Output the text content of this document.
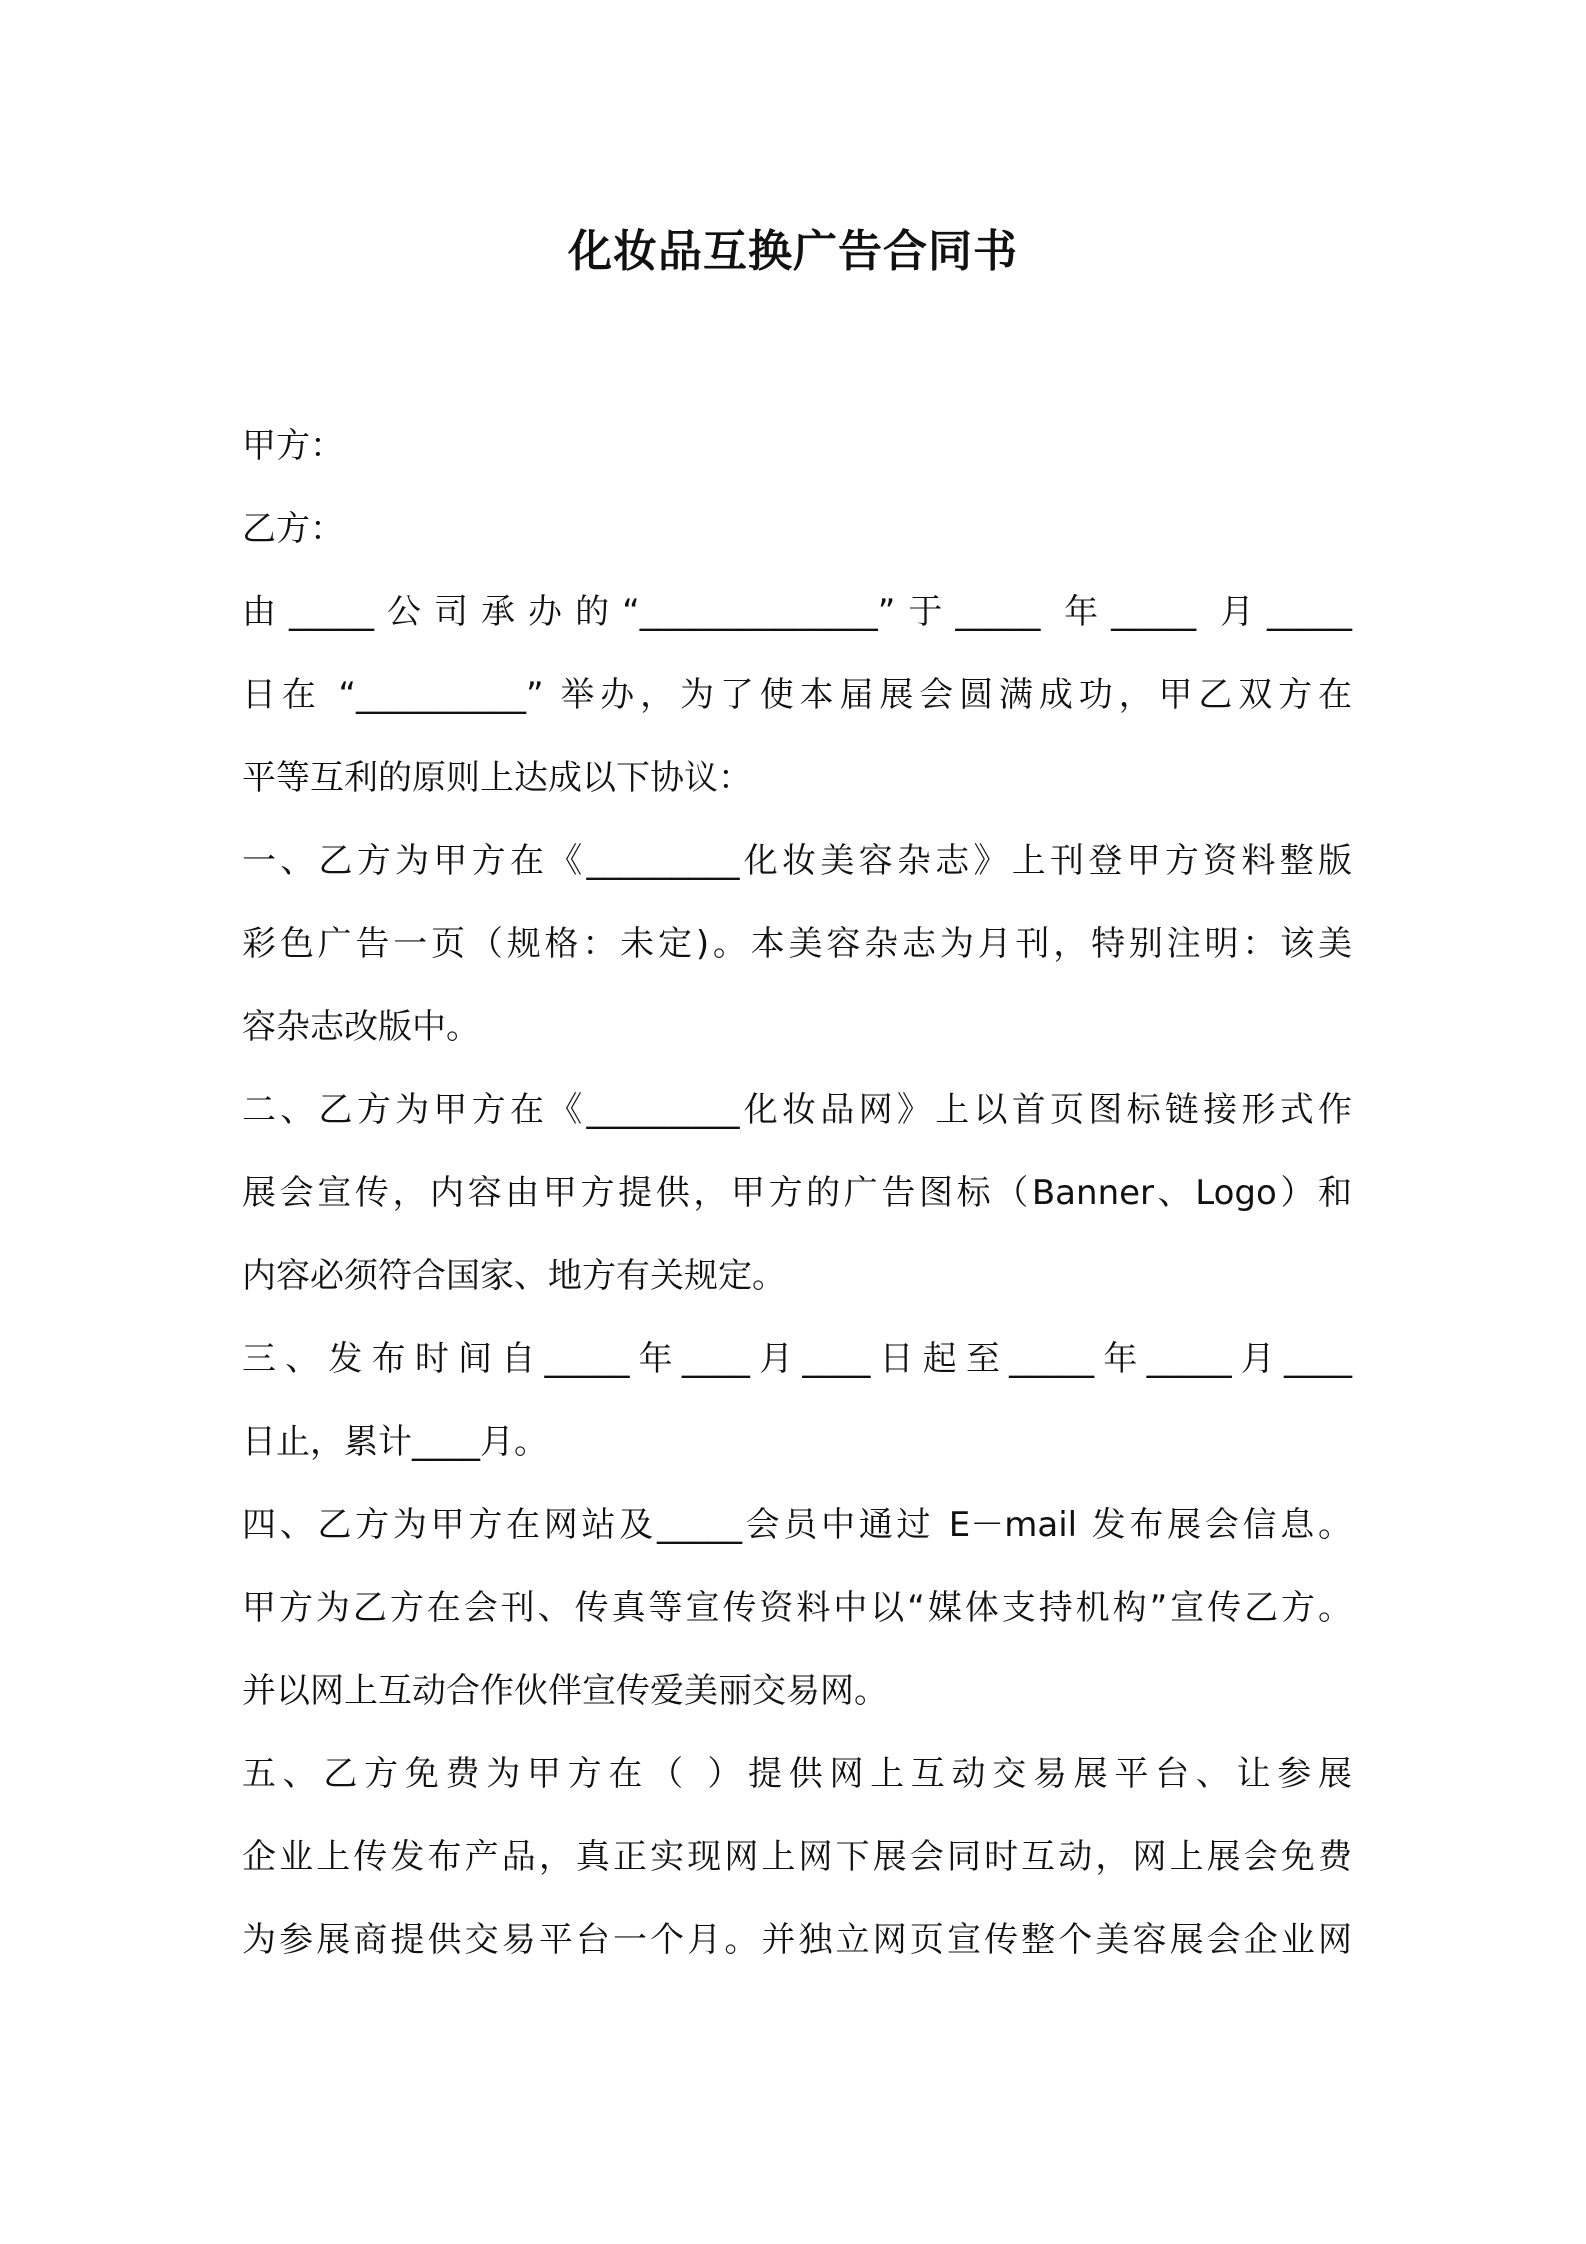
化妆品互换广告合同书
甲方：
乙方：
由_____公司承办的“______________”于_____ 年_____ 月_____
日在 “__________” 举办，为了使本届展会圆满成功，甲乙双方在
平等互利的原则上达成以下协议：
一、乙方为甲方在《_________化妆美容杂志》上刊登甲方资料整版
彩色广告一页（规格：未定)。本美容杂志为月刊，特别注明：该美
容杂志改版中。
二、乙方为甲方在《_________化妆品网》上以首页图标链接形式作
展会宣传，内容由甲方提供，甲方的广告图标（Banner、Logo）和
内容必须符合国家、地方有关规定。
三、发布时间自_____年____月____日起至_____年_____月____
日止，累计____月。
四、乙方为甲方在网站及_____会员中通过 E－mail 发布展会信息。
甲方为乙方在会刊、传真等宣传资料中以“媒体支持机构”宣传乙方。
并以网上互动合作伙伴宣传爱美丽交易网。
五、乙方免费为甲方在（ ）提供网上互动交易展平台、让参展
企业上传发布产品，真正实现网上网下展会同时互动，网上展会免费
为参展商提供交易平台一个月。并独立网页宣传整个美容展会企业网
